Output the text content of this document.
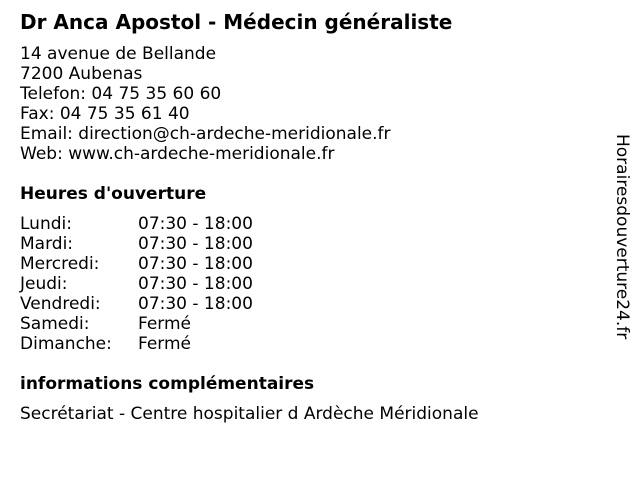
Dr Anca Apostol - Médecin généraliste
14 avenue de Bellande
7200 Aubenas
Telefon: 04 75 35 60 60
Fax: 04 75 35 61 40
Email: direction@ch-ardeche-meridionale.fr
Web: www.ch-ardeche-meridionale.fr
Heures d'ouverture
Lundi:	07:30 - 18:00
Mardi:	07:30 - 18:00
Mercredi:	07:30 - 18:00
Jeudi:	07:30 - 18:00
Vendredi:	07:30 - 18:00
Samedi:	Fermé
Dimanche:	Fermé
informations complémentaires
Secrétariat - Centre hospitalier d Ardèche Méridionale
Horairesdouverture24.fr
